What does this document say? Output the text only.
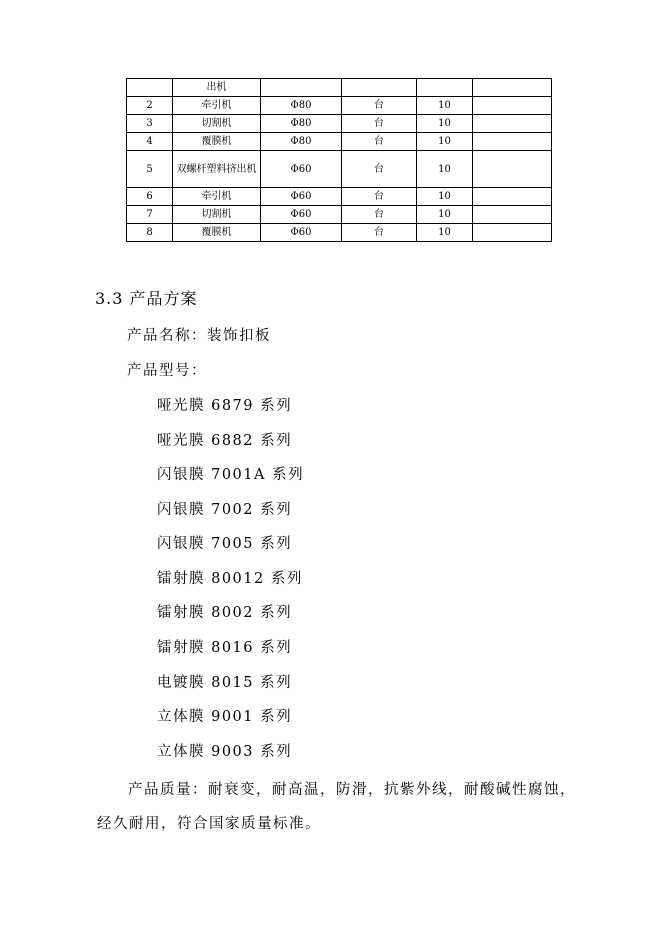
	出机				
2	牵引机	Φ80	台	10	
3	切割机	Φ80	台	10	
4	覆膜机	Φ80	台	10	
5	双螺杆塑料挤出机	Φ60	台	10	
6	牵引机	Φ60	台	10	
7	切割机	Φ60	台	10	
8	覆膜机	Φ60	台	10	
3.3 产品方案
产品名称：装饰扣板
产品型号：
哑光膜 6879 系列
哑光膜 6882 系列
闪银膜 7001A 系列
闪银膜 7002 系列
闪银膜 7005 系列
镭射膜 80012 系列
镭射膜 8002 系列
镭射膜 8016 系列
电镀膜 8015 系列
立体膜 9001 系列
立体膜 9003 系列
产品质量：耐衰变，耐高温，防滑，抗紫外线，耐酸碱性腐蚀，经久耐用，符合国家质量标准。
